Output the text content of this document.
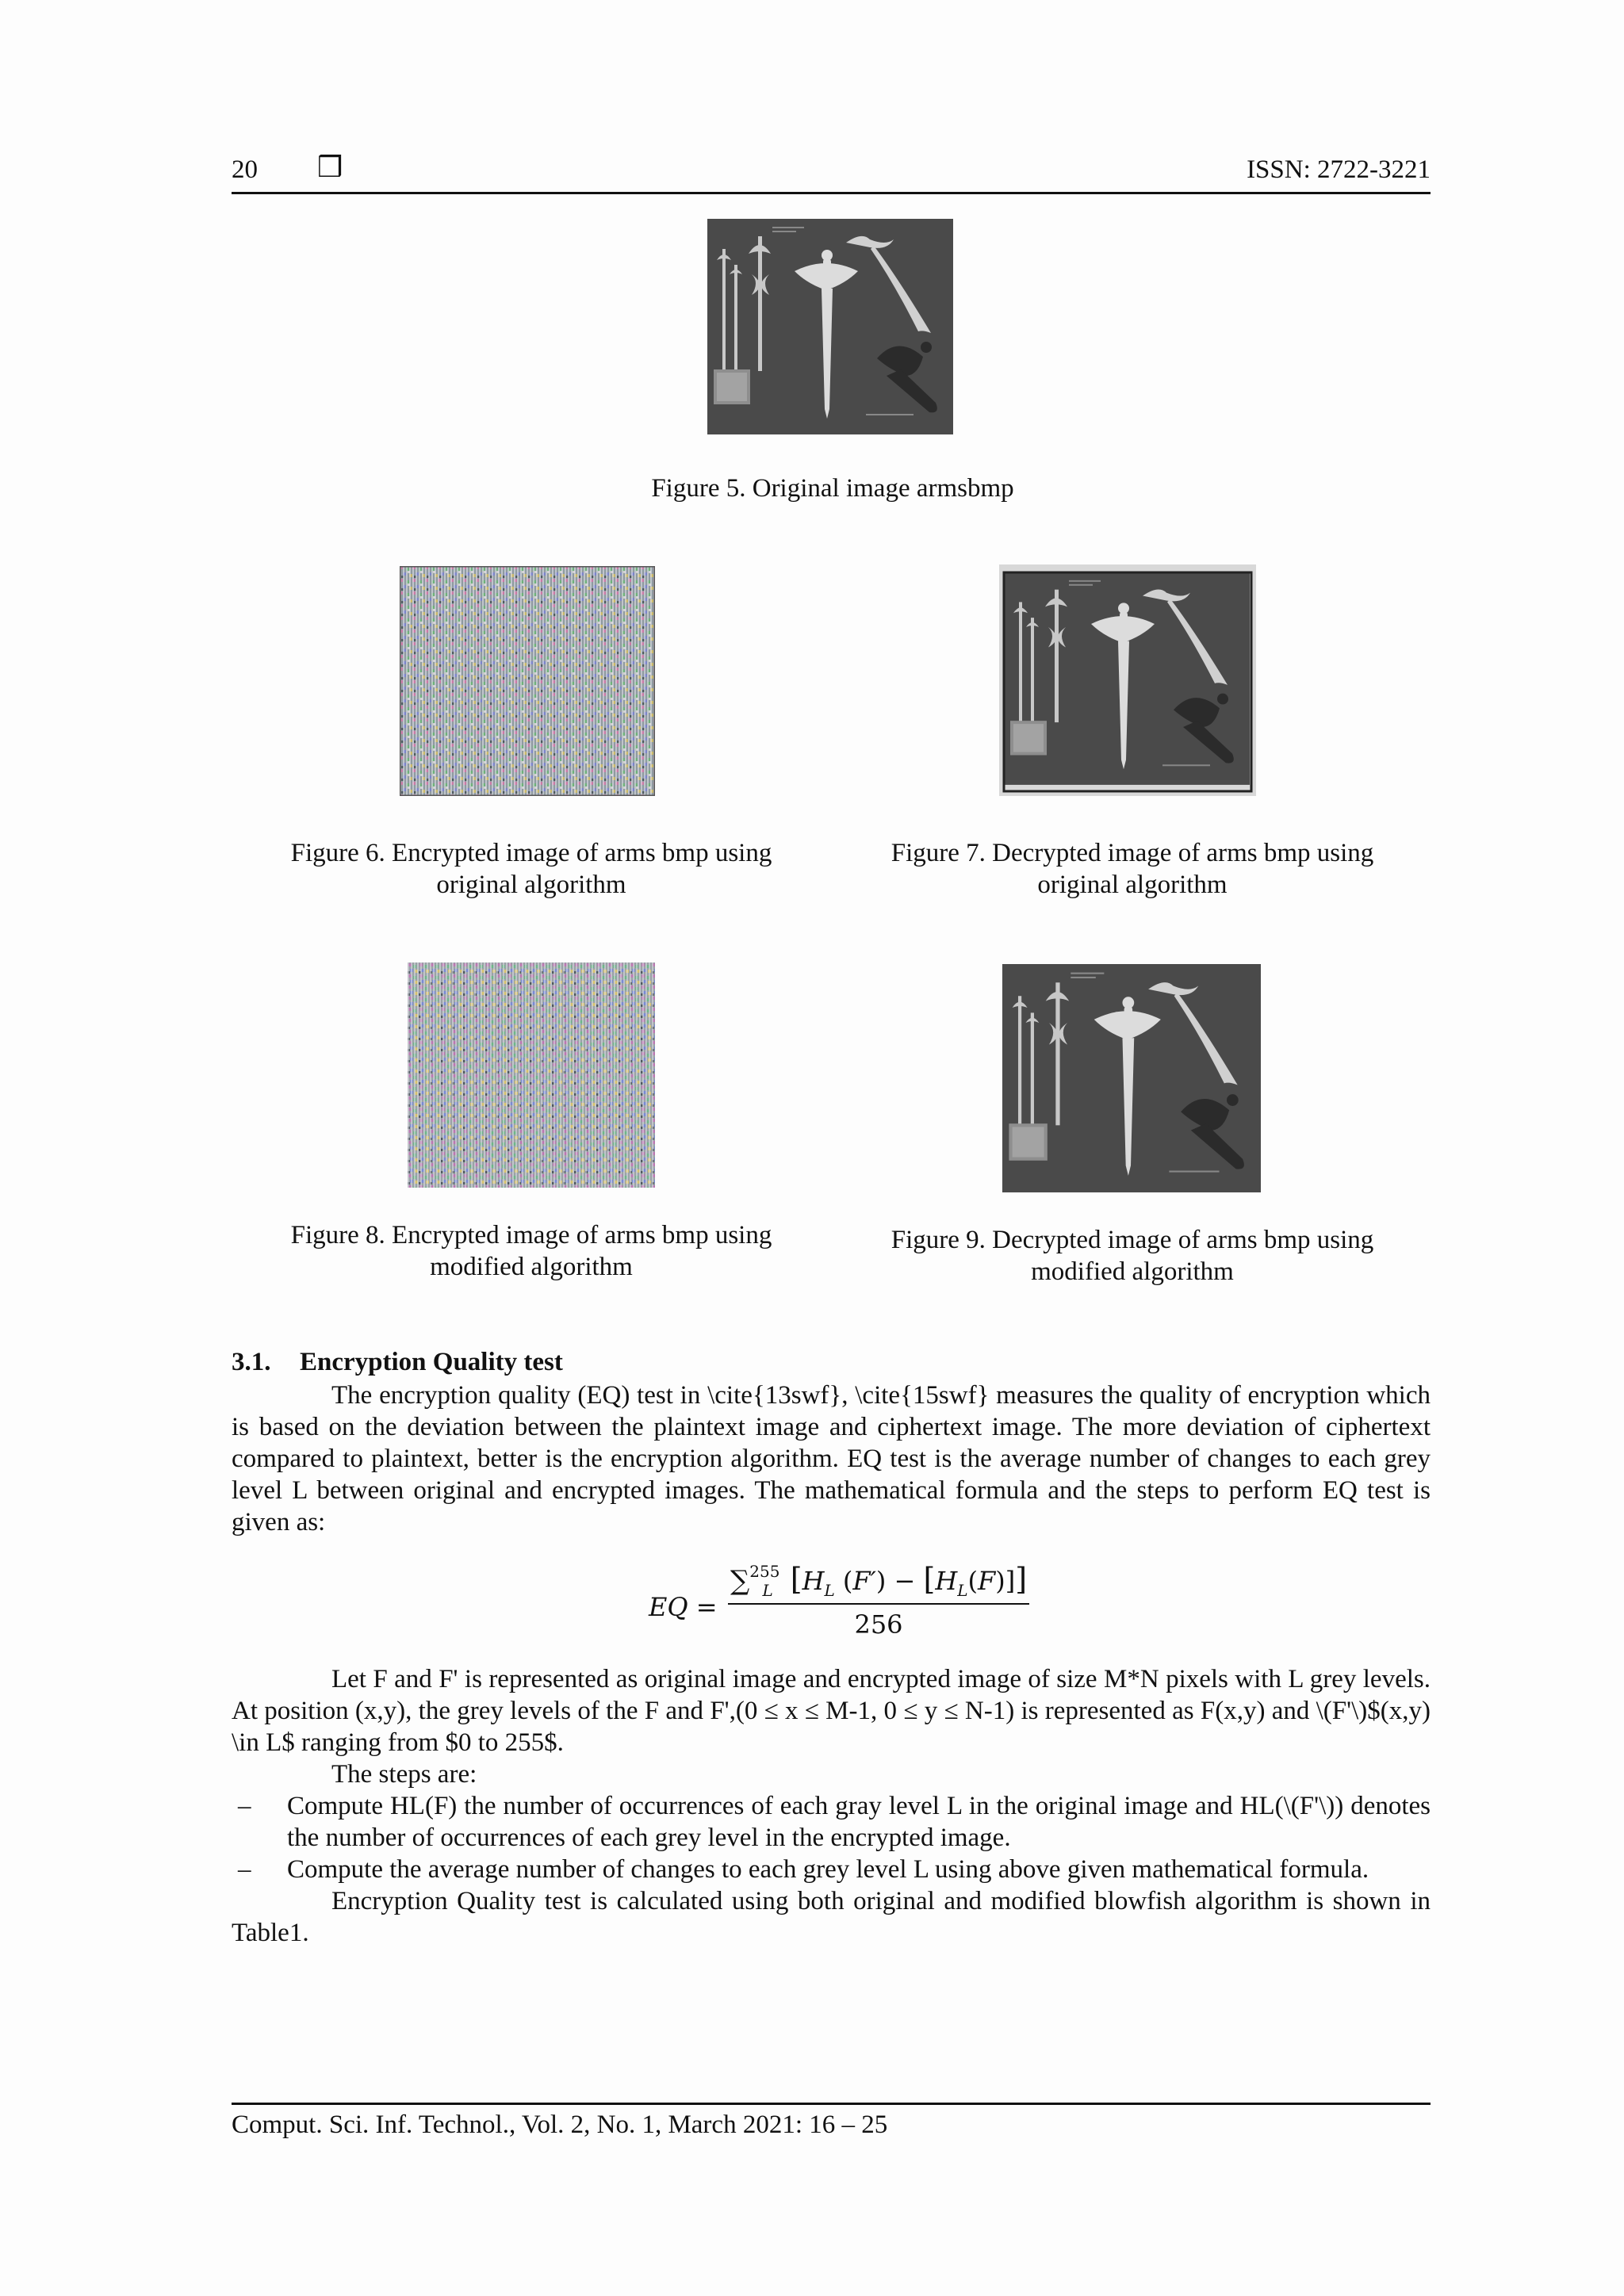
20 ❒	ISSN: 2722-3221
Figure 5. Original image armsbmp
Figure 6. Encrypted image of arms bmp using
original algorithm
Figure 7. Decrypted image of arms bmp using
original algorithm
Figure 8. Encrypted image of arms bmp using
modified algorithm
Figure 9. Decrypted image of arms bmp using
modified algorithm
3.1. Encryption Quality test
The encryption quality (EQ) test in \cite{13swf}, \cite{15swf} measures the quality of encryption which is based on the deviation between the plaintext image and ciphertext image. The more deviation of ciphertext compared to plaintext, better is the encryption algorithm. EQ test is the average number of changes to each grey level L between original and encrypted images. The mathematical formula and the steps to perform EQ test is given as:
EQ =
∑255L [HL (F′) − [HL(F)]]
256
Let F and F' is represented as original image and encrypted image of size M*N pixels with L grey levels. At position (x,y), the grey levels of the F and F',(0 ≤ x ≤ M-1, 0 ≤ y ≤ N-1) is represented as F(x,y) and \(F'\)$(x,y) \in L$ ranging from $0 to 255$.
The steps are:
– Compute HL(F) the number of occurrences of each gray level L in the original image and HL(\(F'\)) denotes the number of occurrences of each grey level in the encrypted image.
– Compute the average number of changes to each grey level L using above given mathematical formula.
Encryption Quality test is calculated using both original and modified blowfish algorithm is shown in Table1.
Comput. Sci. Inf. Technol., Vol. 2, No. 1, March 2021: 16 – 25
